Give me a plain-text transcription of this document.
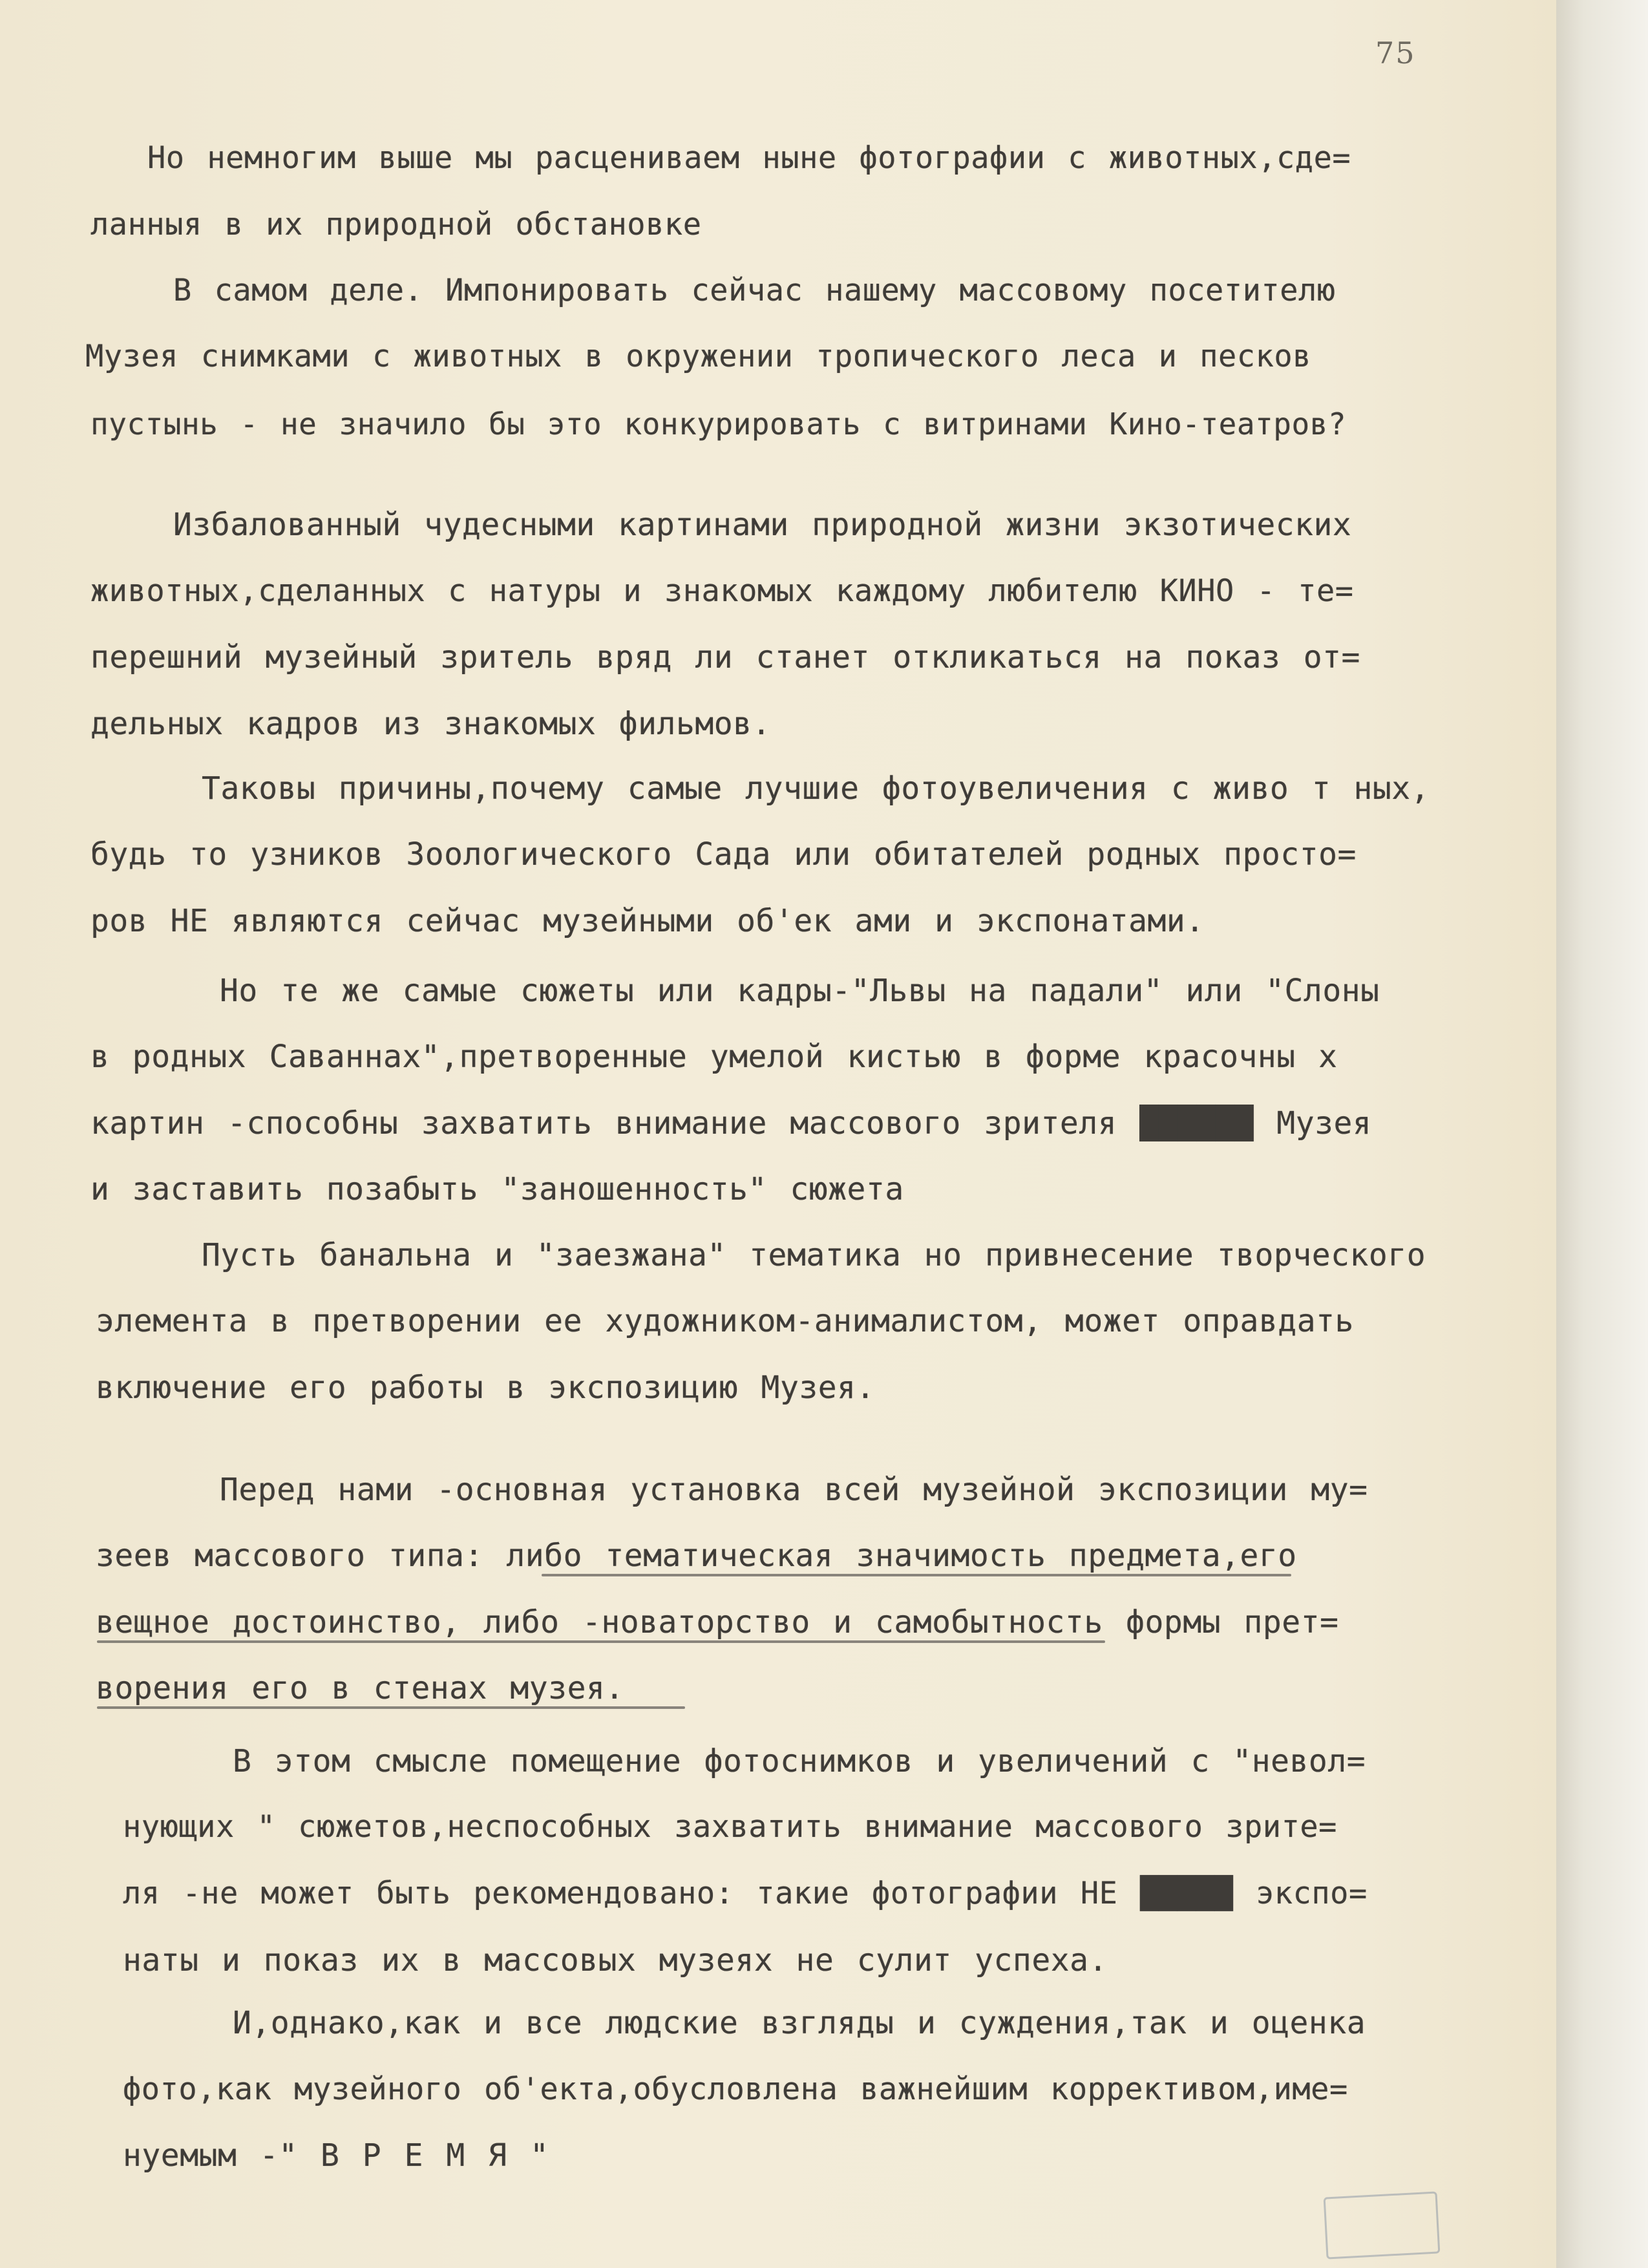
75
Но немногим выше мы расцениваем ныне фотографии с животных,сде=
ланныя в их природной обстановке
В самом деле. Импонировать сейчас нашему массовому посетителю
Музея снимками с животных в окружении тропического леса и песков
пустынь - не значило бы это конкурировать с витринами Кино-театров?
Избалованный чудесными картинами природной жизни экзотических
животных,сделанных с натуры и знакомых каждому любителю КИНО - те=
перешний музейный зритель вряд ли станет откликаться на показ от=
дельных кадров из знакомых фильмов.
Таковы причины,почему самые лучшие фотоувеличения с живо т ных,
будь то узников Зоологического Сада или обитателей родных просто=
ров НЕ являются сейчас музейными об'ек ами и экспонатами.
Но те же самые сюжеты или кадры-"Львы на падали" или "Слоны
в родных Саваннах",претворенные умелой кистью в форме красочны х
картин -способны захватить внимание массового зрителя ██████ Музея
и заставить позабыть "заношенность" сюжета
Пусть банальна и "заезжана" тематика но привнесение творческого
элемента в претворении ее художником-анималистом, может оправдать
включение его работы в экспозицию Музея.
Перед нами -основная установка всей музейной экспозиции му=
зеев массового типа: либо тематическая значимость предмета,его
вещное достоинство, либо -новаторство и самобытность формы прет=
ворения его в стенах музея.
В этом смысле помещение фотоснимков и увеличений с "невол=
нующих " сюжетов,неспособных захватить внимание массового зрите=
ля -не может быть рекомендовано: такие фотографии НЕ █████ экспо=
наты и показ их в массовых музеях не сулит успеха.
И,однако,как и все людские взгляды и суждения,так и оценка
фото,как музейного об'екта,обусловлена важнейшим коррективом,име=
нуемым -" В Р Е М Я "
